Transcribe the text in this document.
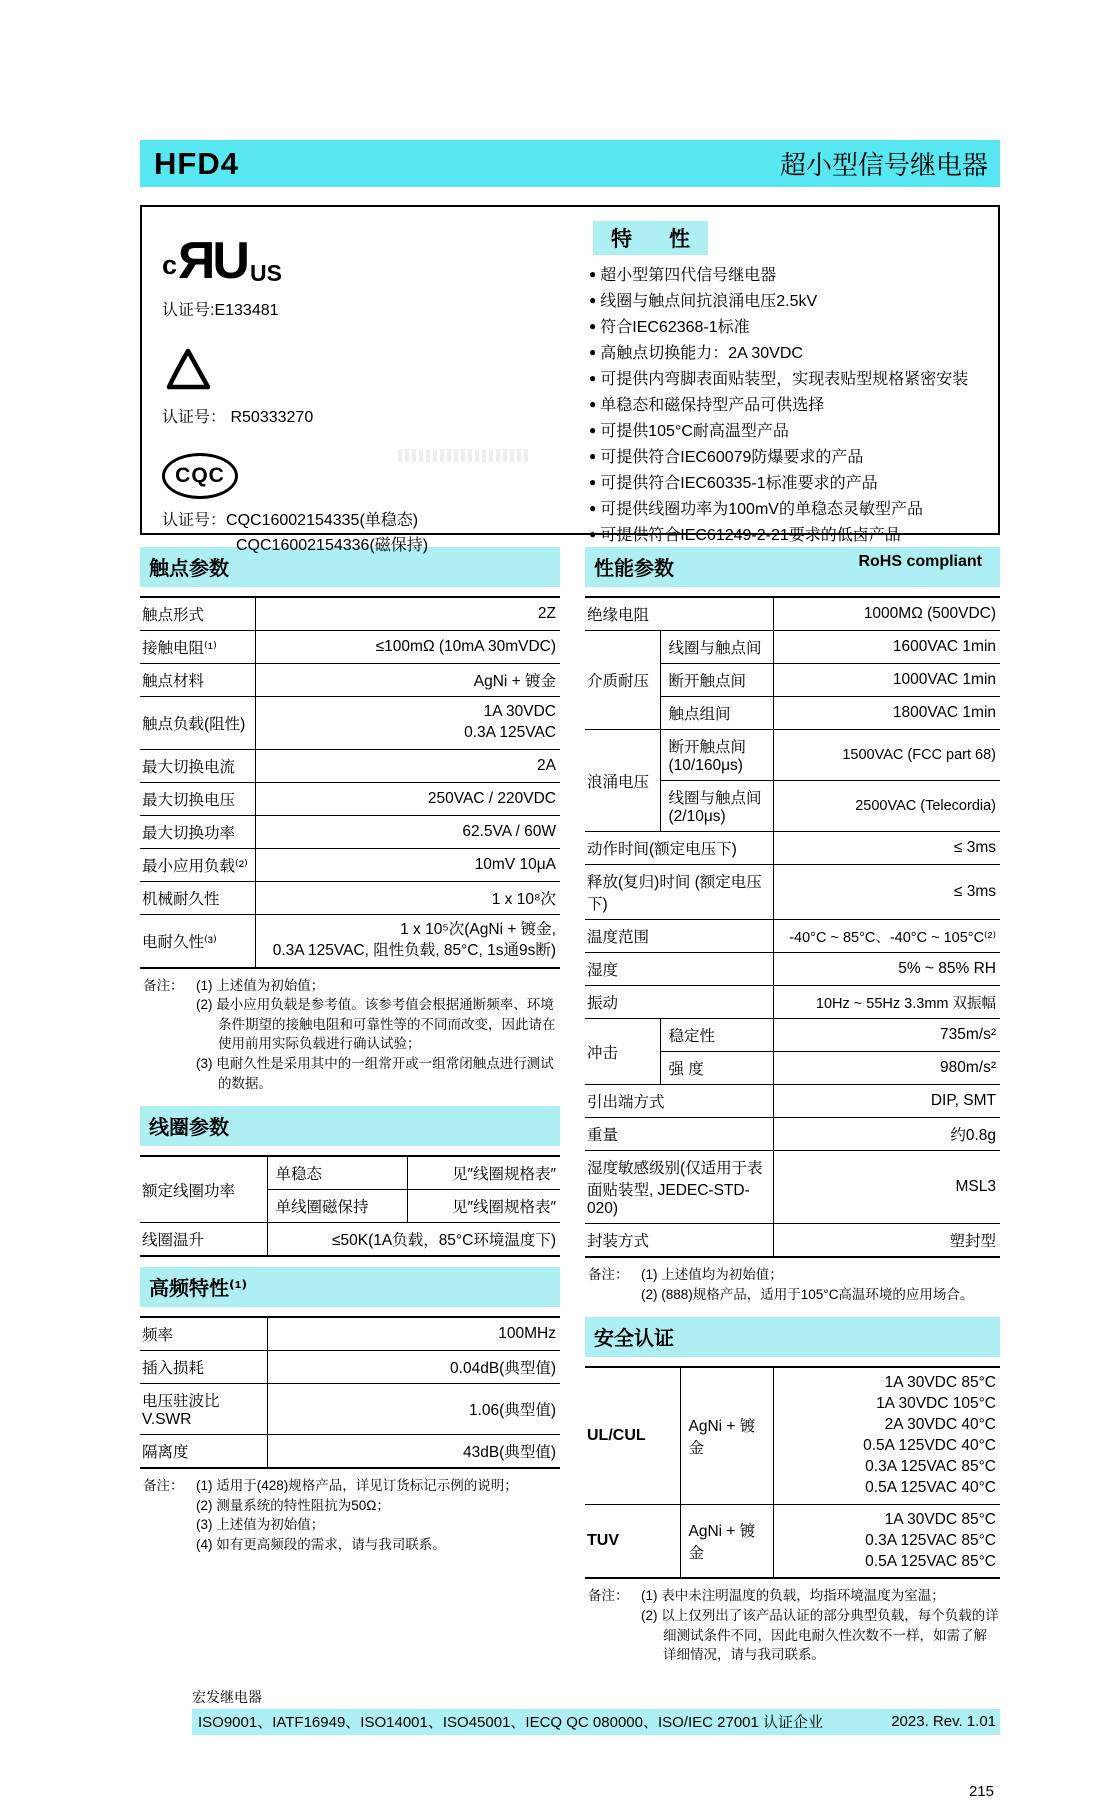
HFD4	超小型信号继电器
c ЯU US
认证号:E133481
认证号： R50333270
CQC
认证号：CQC16002154335(单稳态)
CQC16002154336(磁保持)
特　性
● 超小型第四代信号继电器
● 线圈与触点间抗浪涌电压2.5kV
● 符合IEC62368-1标准
● 高触点切换能力：2A 30VDC
● 可提供内弯脚表面贴装型，实现表贴型规格紧密安装
● 单稳态和磁保持型产品可供选择
● 可提供105°C耐高温型产品
● 可提供符合IEC60079防爆要求的产品
● 可提供符合IEC60335-1标准要求的产品
● 可提供线圈功率为100mV的单稳态灵敏型产品
● 可提供符合IEC61249-2-21要求的低卤产品
RoHS compliant
触点参数
触点形式	2Z
接触电阻⁽¹⁾	≤100mΩ (10mA 30mVDC)
触点材料	AgNi + 镀金
触点负载(阻性)	1A 30VDC
0.3A 125VAC

最大切换电流	2A
最大切换电压	250VAC / 220VDC
最大切换功率	62.5VA / 60W
最小应用负载⁽²⁾	10mV 10μA
机械耐久性	1 x 10⁸次
电耐久性⁽³⁾	1 x 10⁵次(AgNi + 镀金,
0.3A 125VAC, 阻性负载, 85°C, 1s通9s断)
备注： (1) 上述值为初始值；
(2) 最小应用负载是参考值。该参考值会根据通断频率、环境条件期望的接触电阻和可靠性等的不同而改变，因此请在使用前用实际负载进行确认试验；
(3) 电耐久性是采用其中的一组常开或一组常闭触点进行测试的数据。
线圈参数
额定线圈功率	单稳态	见″线圈规格表″
	单线圈磁保持	见″线圈规格表″
线圈温升	≤50K(1A负载，85°C环境温度下)	
高频特性⁽¹⁾
频率	100MHz
插入损耗	0.04dB(典型值)
电压驻波比V.SWR	1.06(典型值)
隔离度	43dB(典型值)
备注： (1) 适用于(428)规格产品，详见订货标记示例的说明；
(2) 测量系统的特性阻抗为50Ω；
(3) 上述值为初始值；
(4) 如有更高频段的需求，请与我司联系。
性能参数
绝缘电阻		1000MΩ (500VDC)
介质耐压	线圈与触点间	1600VAC 1min
	断开触点间	1000VAC 1min
	触点组间	1800VAC 1min
浪涌电压	断开触点间
(10/160μs)	1500VAC (FCC part 68)

	线圈与触点间
(2/10μs)	2500VAC (Telecordia)
动作时间(额定电压下)		≤ 3ms
释放(复归)时间 (额定电压下)		≤ 3ms
温度范围		-40°C ~ 85°C、-40°C ~ 105°C⁽²⁾
湿度		5% ~ 85% RH
振动		10Hz ~ 55Hz 3.3mm 双振幅
冲击	稳定性	735m/s²
	强 度	980m/s²
引出端方式		DIP, SMT
重量		约0.8g
湿度敏感级别(仅适用于表面贴装型, JEDEC-STD-020)		MSL3
封装方式		塑封型
备注： (1) 上述值均为初始值；
(2) (888)规格产品，适用于105°C高温环境的应用场合。
安全认证
UL/CUL	AgNi + 镀金	
1A 30VDC 85°C
1A 30VDC 105°C
2A 30VDC 40°C
0.5A 125VDC 40°C
0.3A 125VAC 85°C
0.5A 125VAC 40°C

TUV	AgNi + 镀金	1A 30VDC 85°C
0.3A 125VAC 85°C
0.5A 125VAC 85°C
备注： (1) 表中未注明温度的负载，均指环境温度为室温；
(2) 以上仅列出了该产品认证的部分典型负载，每个负载的详细测试条件不同，因此电耐久性次数不一样，如需了解详细情况，请与我司联系。
宏发继电器
ISO9001、IATF16949、ISO14001、ISO45001、IECQ QC 080000、ISO/IEC 27001 认证企业	2023. Rev. 1.01
215
